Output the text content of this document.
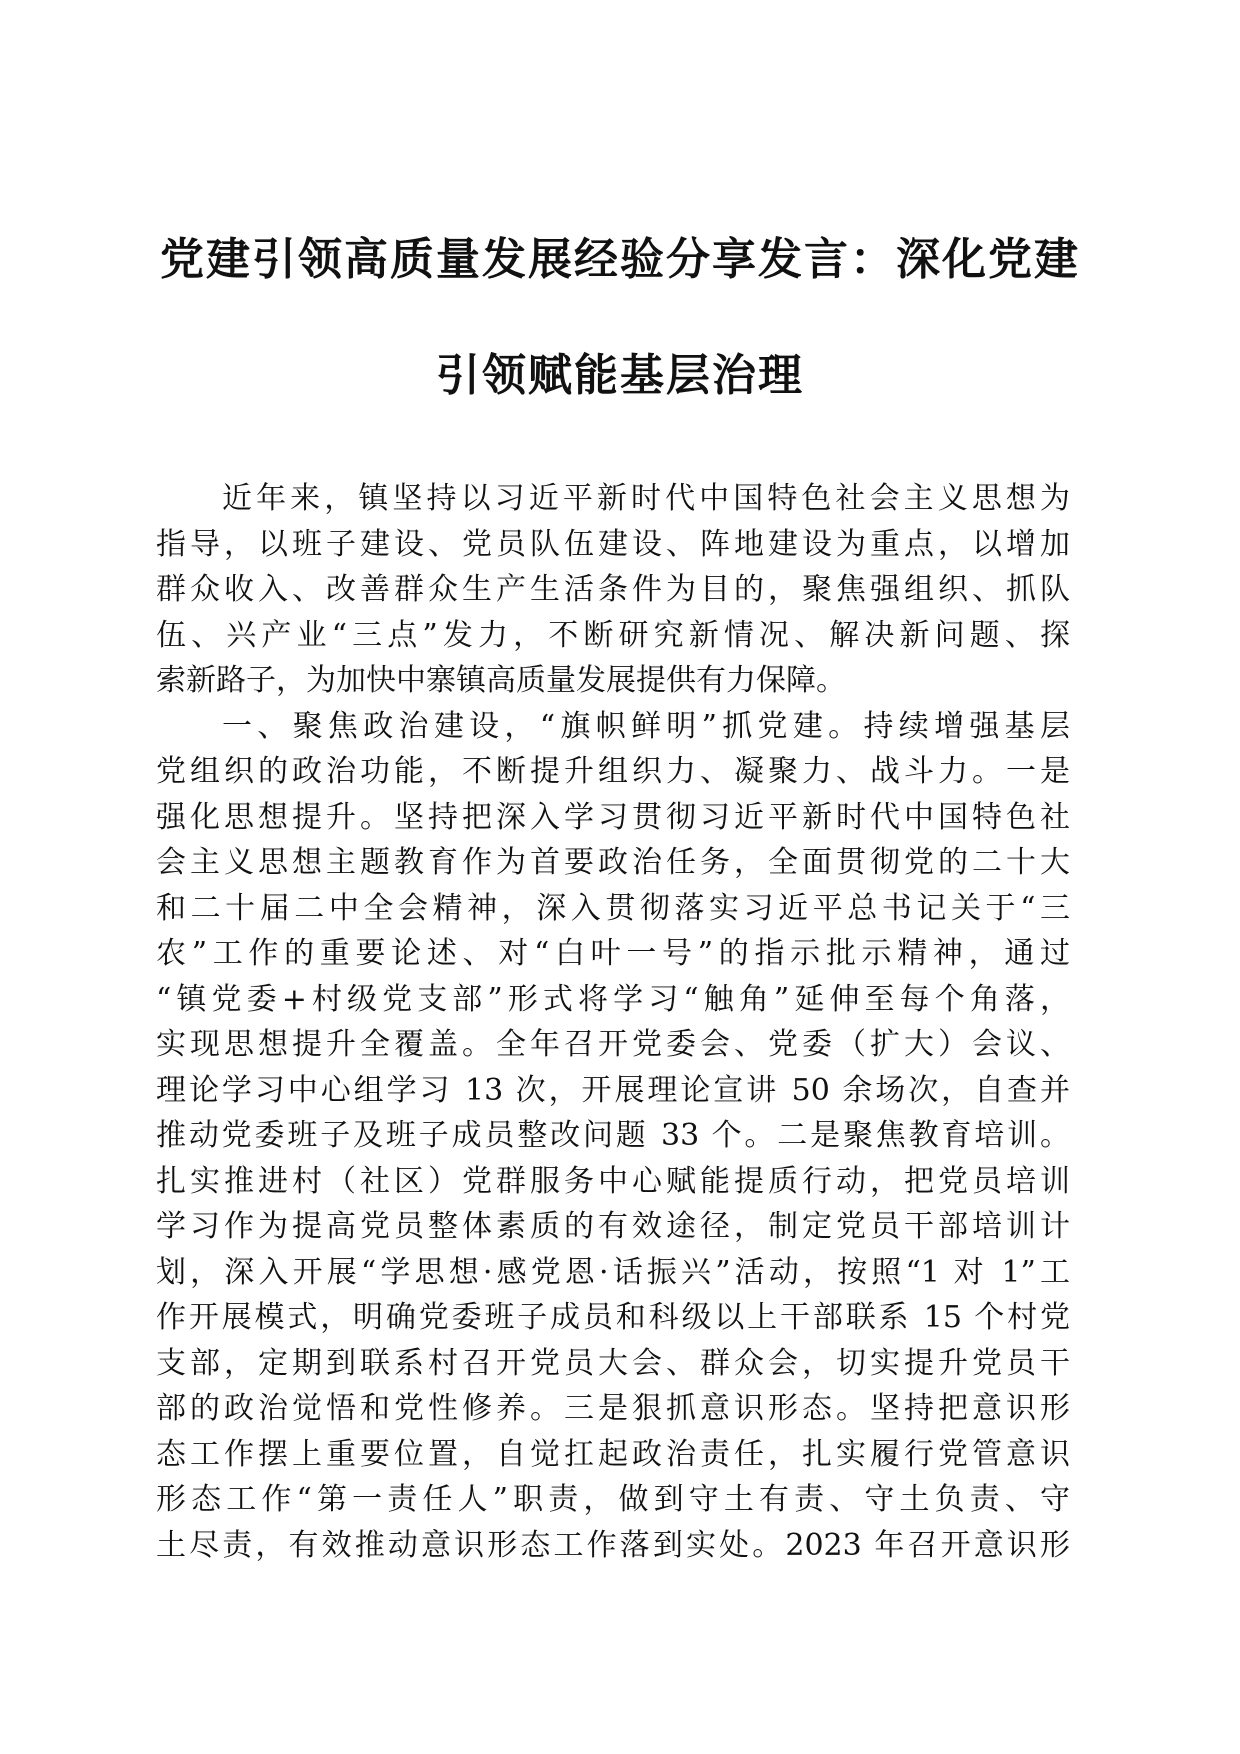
党建引领高质量发展经验分享发言：深化党建
引领赋能基层治理
近年来，镇坚持以习近平新时代中国特色社会主义思想为
指导，以班子建设、党员队伍建设、阵地建设为重点，以增加
群众收入、改善群众生产生活条件为目的，聚焦强组织、抓队
伍、兴产业“三点”发力，不断研究新情况、解决新问题、探
索新路子，为加快中寨镇高质量发展提供有力保障。
一、聚焦政治建设，“旗帜鲜明”抓党建。持续增强基层
党组织的政治功能，不断提升组织力、凝聚力、战斗力。一是
强化思想提升。坚持把深入学习贯彻习近平新时代中国特色社
会主义思想主题教育作为首要政治任务，全面贯彻党的二十大
和二十届二中全会精神，深入贯彻落实习近平总书记关于“三
农”工作的重要论述、对“白叶一号”的指示批示精神，通过
“镇党委+村级党支部”形式将学习“触角”延伸至每个角落，
实现思想提升全覆盖。全年召开党委会、党委（扩大）会议、
理论学习中心组学习 13 次，开展理论宣讲 50 余场次，自查并
推动党委班子及班子成员整改问题 33 个。二是聚焦教育培训。
扎实推进村（社区）党群服务中心赋能提质行动，把党员培训
学习作为提高党员整体素质的有效途径，制定党员干部培训计
划，深入开展“学思想·感党恩·话振兴”活动，按照“1 对 1”工
作开展模式，明确党委班子成员和科级以上干部联系 15 个村党
支部，定期到联系村召开党员大会、群众会，切实提升党员干
部的政治觉悟和党性修养。三是狠抓意识形态。坚持把意识形
态工作摆上重要位置，自觉扛起政治责任，扎实履行党管意识
形态工作“第一责任人”职责，做到守土有责、守土负责、守
土尽责，有效推动意识形态工作落到实处。2023 年召开意识形
